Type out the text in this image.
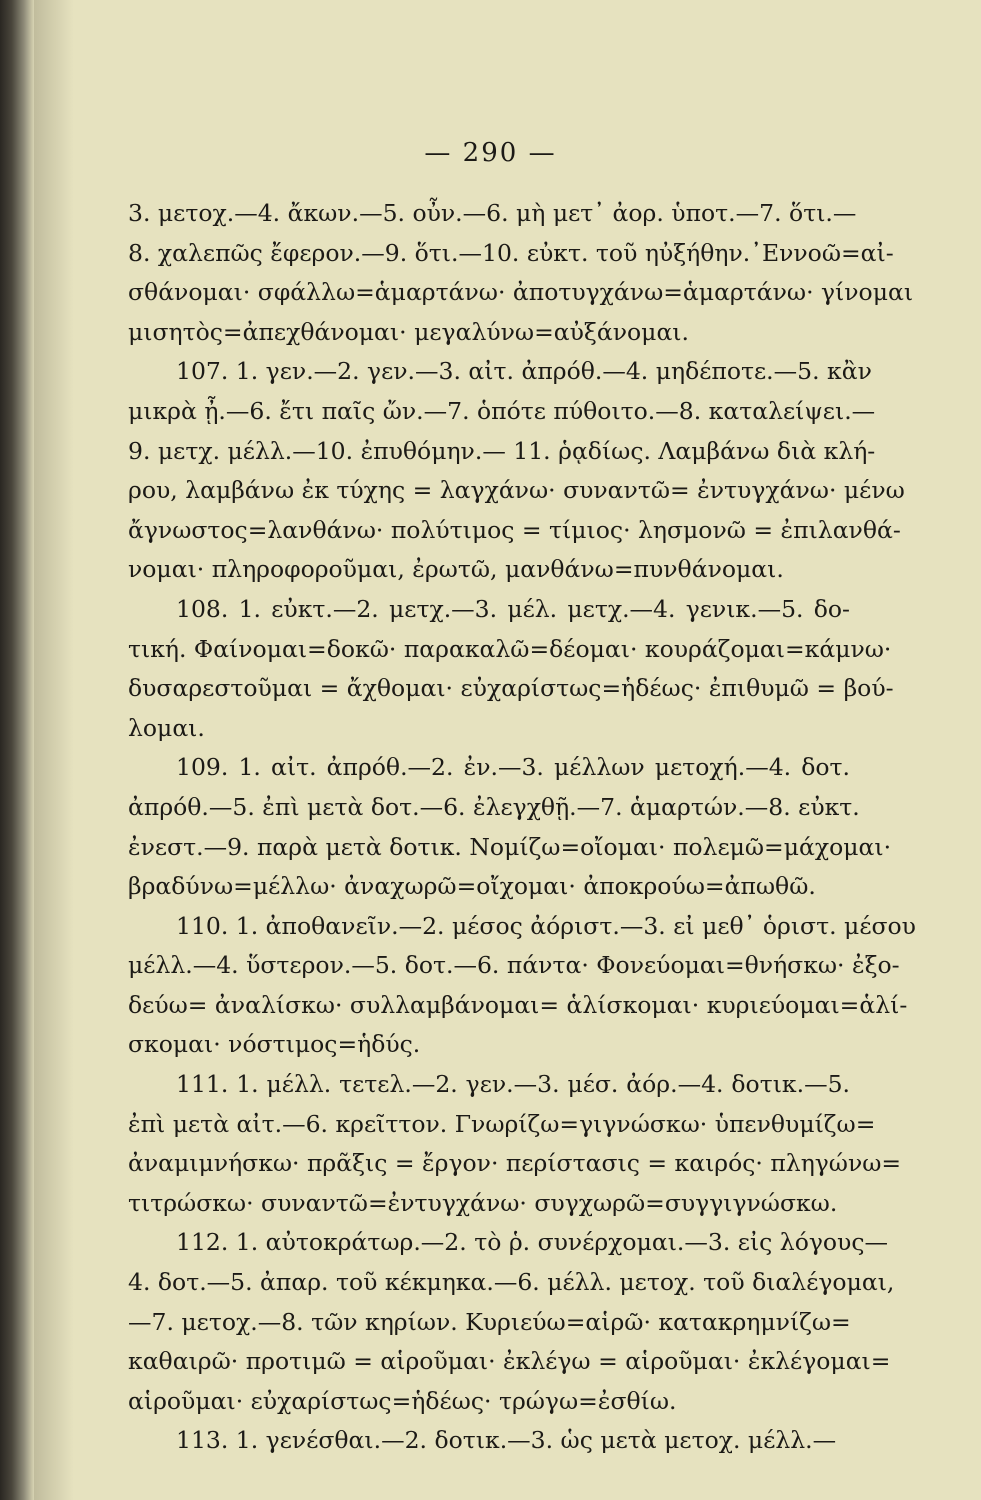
— 290 —
3. μετοχ.—4. ἄκων.—5. οὖν.—6. μὴ μετ᾽ ἀορ. ὑποτ.—7. ὅτι.—
8. χαλεπῶς ἔφερον.—9. ὅτι.—10. εὐκτ. τοῦ ηὐξήθην.᾽Εννοῶ=αἰ-
σθάνομαι· σφάλλω=ἁμαρτάνω· ἀποτυγχάνω=ἁμαρτάνω· γίνομαι
μισητὸς=ἀπεχθάνομαι· μεγαλύνω=αὐξάνομαι.
107. 1. γεν.—2. γεν.—3. αἰτ. ἀπρόθ.—4. μηδέποτε.—5. κἂν
μικρὰ ᾖ.—6. ἔτι παῖς ὤν.—7. ὁπότε πύθοιτο.—8. καταλείψει.—
9. μετχ. μέλλ.—10. ἐπυθόμην.— 11. ῥᾳδίως. Λαμβάνω διὰ κλή-
ρου, λαμβάνω ἐκ τύχης = λαγχάνω· συναντῶ= ἐντυγχάνω· μένω
ἄγνωστος=λανθάνω· πολύτιμος = τίμιος· λησμονῶ = ἐπιλανθά-
νομαι· πληροφοροῦμαι, ἐρωτῶ, μανθάνω=πυνθάνομαι.
108. 1. εὐκτ.—2. μετχ.—3. μέλ. μετχ.—4. γενικ.—5. δο-
τική. Φαίνομαι=δοκῶ· παρακαλῶ=δέομαι· κουράζομαι=κάμνω·
δυσαρεστοῦμαι = ἄχθομαι· εὐχαρίστως=ἡδέως· ἐπιθυμῶ = βού-
λομαι.
109. 1. αἰτ. ἀπρόθ.—2. ἐν.—3. μέλλων μετοχή.—4. δοτ.
ἀπρόθ.—5. ἐπὶ μετὰ δοτ.—6. ἐλεγχθῇ.—7. ἁμαρτών.—8. εὐκτ.
ἐνεστ.—9. παρὰ μετὰ δοτικ. Νομίζω=οἴομαι· πολεμῶ=μάχομαι·
βραδύνω=μέλλω· ἀναχωρῶ=οἴχομαι· ἀποκρούω=ἀπωθῶ.
110. 1. ἀποθανεῖν.—2. μέσος ἀόριστ.—3. εἰ μεθ᾽ ὁριστ. μέσου
μέλλ.—4. ὕστερον.—5. δοτ.—6. πάντα· Φονεύομαι=θνήσκω· ἐξο-
δεύω= ἀναλίσκω· συλλαμβάνομαι= ἁλίσκομαι· κυριεύομαι=ἁλί-
σκομαι· νόστιμος=ἡδύς.
111. 1. μέλλ. τετελ.—2. γεν.—3. μέσ. ἀόρ.—4. δοτικ.—5.
ἐπὶ μετὰ αἰτ.—6. κρεῖττον. Γνωρίζω=γιγνώσκω· ὑπενθυμίζω=
ἀναμιμνήσκω· πρᾶξις = ἔργον· περίστασις = καιρός· πληγώνω=
τιτρώσκω· συναντῶ=ἐντυγχάνω· συγχωρῶ=συγγιγνώσκω.
112. 1. αὐτοκράτωρ.—2. τὸ ῥ. συνέρχομαι.—3. εἰς λόγους—
4. δοτ.—5. ἀπαρ. τοῦ κέκμηκα.—6. μέλλ. μετοχ. τοῦ διαλέγομαι,
—7. μετοχ.—8. τῶν κηρίων. Κυριεύω=αἱρῶ· κατακρημνίζω=
καθαιρῶ· προτιμῶ = αἱροῦμαι· ἐκλέγω = αἱροῦμαι· ἐκλέγομαι=
αἱροῦμαι· εὐχαρίστως=ἡδέως· τρώγω=ἐσθίω.
113. 1. γενέσθαι.—2. δοτικ.—3. ὡς μετὰ μετοχ. μέλλ.—
